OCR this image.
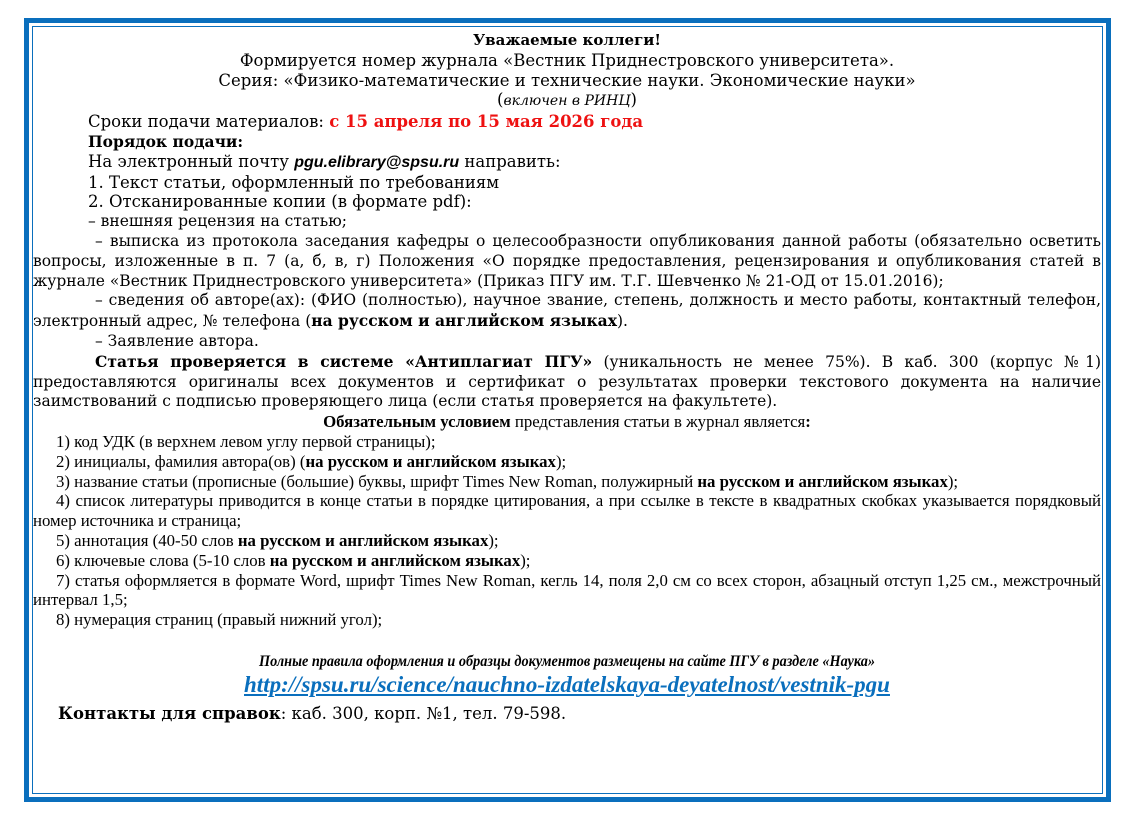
Уважаемые коллеги!
Формируется номер журнала «Вестник Приднестровского университета».
Серия: «Физико-математические и технические науки. Экономические науки»
(включен в РИНЦ)
Сроки подачи материалов: с 15 апреля по 15 мая 2026 года
Порядок подачи:
На электронный почту pgu.elibrary@spsu.ru направить:
1. Текст статьи, оформленный по требованиям
2. Отсканированные копии (в формате pdf):
– внешняя рецензия на статью;
– выписка из протокола заседания кафедры о целесообразности опубликования данной работы (обязательно осветить вопросы, изложенные в п. 7 (а, б, в, г) Положения «О порядке предоставления, рецензирования и опубликования статей в журнале «Вестник Приднестровского университета» (Приказ ПГУ им. Т.Г. Шевченко № 21-ОД от 15.01.2016);
– сведения об авторе(ах): (ФИО (полностью), научное звание, степень, должность и место работы, контактный телефон, электронный адрес, № телефона (на русском и английском языках).
– Заявление автора.
Статья проверяется в системе «Антиплагиат ПГУ» (уникальность не менее 75%). В каб. 300 (корпус №1) предоставляются оригиналы всех документов и сертификат о результатах проверки текстового документа на наличие заимствований с подписью проверяющего лица (если статья проверяется на факультете).
Обязательным условием представления статьи в журнал является:
1) код УДК (в верхнем левом углу первой страницы);
2) инициалы, фамилия автора(ов) (на русском и английском языках);
3) название статьи (прописные (большие) буквы, шрифт Times New Roman, полужирный на русском и английском языках);
4) список литературы приводится в конце статьи в порядке цитирования, а при ссылке в тексте в квадратных скобках указывается порядковый номер источника и страница;
5) аннотация (40-50 слов на русском и английском языках);
6) ключевые слова (5-10 слов на русском и английском языках);
7) статья оформляется в формате Word, шрифт Times New Roman, кегль 14, поля 2,0 см со всех сторон, абзацный отступ 1,25 см., межстрочный интервал 1,5;
8) нумерация страниц (правый нижний угол);
Полные правила оформления и образцы документов размещены на сайте ПГУ в разделе «Наука»
http://spsu.ru/science/nauchno-izdatelskaya-deyatelnost/vestnik-pgu
Контакты для справок: каб. 300, корп. №1, тел. 79-598.
